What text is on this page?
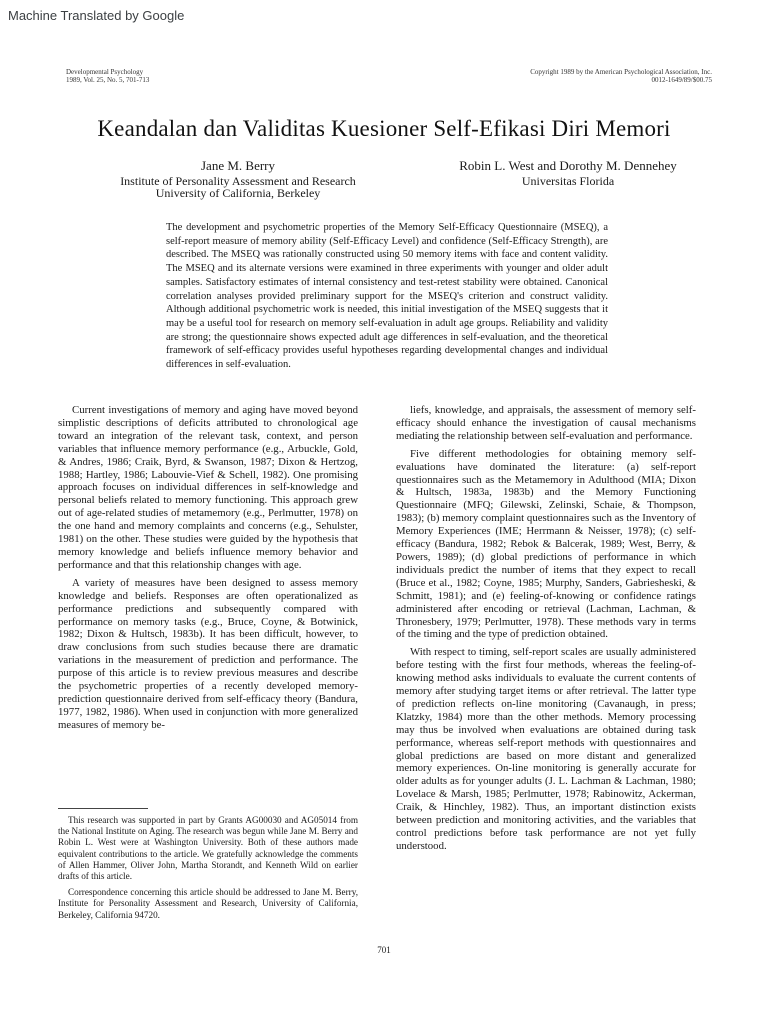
Machine Translated by Google
Developmental Psychology
1989, Vol. 25, No. 5, 701-713
Copyright 1989 by the American Psychological Association, Inc.
0012-1649/89/$00.75
Keandalan dan Validitas Kuesioner Self-Efikasi Diri Memori
Jane M. Berry
Institute of Personality Assessment and Research
University of California, Berkeley
Robin L. West and Dorothy M. Dennehey
Universitas Florida
The development and psychometric properties of the Memory Self-Efficacy Questionnaire (MSEQ), a self-report measure of memory ability (Self-Efficacy Level) and confidence (Self-Efficacy Strength), are described. The MSEQ was rationally constructed using 50 memory items with face and content validity. The MSEQ and its alternate versions were examined in three experiments with younger and older adult samples. Satisfactory estimates of internal consistency and test-retest stability were obtained. Canonical correlation analyses provided preliminary support for the MSEQ's criterion and construct validity. Although additional psychometric work is needed, this initial investigation of the MSEQ suggests that it may be a useful tool for research on memory self-evaluation in adult age groups. Reliability and validity are strong; the questionnaire shows expected adult age differences in self-evaluation, and the theoretical framework of self-efficacy provides useful hypotheses regarding developmental changes and individual differences in self-evaluation.

Current investigations of memory and aging have moved beyond simplistic descriptions of deficits attributed to chronological age toward an integration of the relevant task, context, and person variables that influence memory performance (e.g., Arbuckle, Gold, & Andres, 1986; Craik, Byrd, & Swanson, 1987; Dixon & Hertzog, 1988; Hartley, 1986; Labouvie-Vief & Schell, 1982). One promising approach focuses on individual differences in self-knowledge and personal beliefs related to memory functioning. This approach grew out of age-related studies of metamemory (e.g., Perlmutter, 1978) on the one hand and memory complaints and concerns (e.g., Sehulster, 1981) on the other. These studies were guided by the hypothesis that memory knowledge and beliefs influence memory behavior and performance and that this relationship changes with age.

A variety of measures have been designed to assess memory knowledge and beliefs. Responses are often operationalized as performance predictions and subsequently compared with performance on memory tasks (e.g., Bruce, Coyne, & Botwinick, 1982; Dixon & Hultsch, 1983b). It has been difficult, however, to draw conclusions from such studies because there are dramatic variations in the measurement of prediction and performance. The purpose of this article is to review previous measures and describe the psychometric properties of a recently developed memory-prediction questionnaire derived from self-efficacy theory (Bandura, 1977, 1982, 1986). When used in conjunction with more generalized measures of memory be-

liefs, knowledge, and appraisals, the assessment of memory self-efficacy should enhance the investigation of causal mechanisms mediating the relationship between self-evaluation and performance.

Five different methodologies for obtaining memory self-evaluations have dominated the literature: (a) self-report questionnaires such as the Metamemory in Adulthood (MIA; Dixon & Hultsch, 1983a, 1983b) and the Memory Functioning Questionnaire (MFQ; Gilewski, Zelinski, Schaie, & Thompson, 1983); (b) memory complaint questionnaires such as the Inventory of Memory Experiences (IME; Herrmann & Neisser, 1978); (c) self-efficacy (Bandura, 1982; Rebok & Balcerak, 1989; West, Berry, & Powers, 1989); (d) global predictions of performance in which individuals predict the number of items that they expect to recall (Bruce et al., 1982; Coyne, 1985; Murphy, Sanders, Gabriesheski, & Schmitt, 1981); and (e) feeling-of-knowing or confidence ratings administered after encoding or retrieval (Lachman, Lachman, & Thronesbery, 1979; Perlmutter, 1978). These methods vary in terms of the timing and the type of prediction obtained.

With respect to timing, self-report scales are usually administered before testing with the first four methods, whereas the feeling-of-knowing method asks individuals to evaluate the current contents of memory after studying target items or after retrieval. The latter type of prediction reflects on-line monitoring (Cavanaugh, in press; Klatzky, 1984) more than the other methods. Memory processing may thus be involved when evaluations are obtained during task performance, whereas self-report methods with questionnaires and global predictions are based on more distant and generalized memory experiences. On-line monitoring is generally accurate for older adults as for younger adults (J. L. Lachman & Lachman, 1980; Lovelace & Marsh, 1985; Perlmutter, 1978; Rabinowitz, Ackerman, Craik, & Hinchley, 1982). Thus, an important distinction exists between prediction and monitoring activities, and the variables that control predictions before task performance are not yet fully understood.

This research was supported in part by Grants AG00030 and AG05014 from the National Institute on Aging. The research was begun while Jane M. Berry and Robin L. West were at Washington University. Both of these authors made equivalent contributions to the article. We gratefully acknowledge the comments of Allen Hammer, Oliver John, Martha Storandt, and Kenneth Wild on earlier drafts of this article.

Correspondence concerning this article should be addressed to Jane M. Berry, Institute for Personality Assessment and Research, University of California, Berkeley, California 94720.

701
